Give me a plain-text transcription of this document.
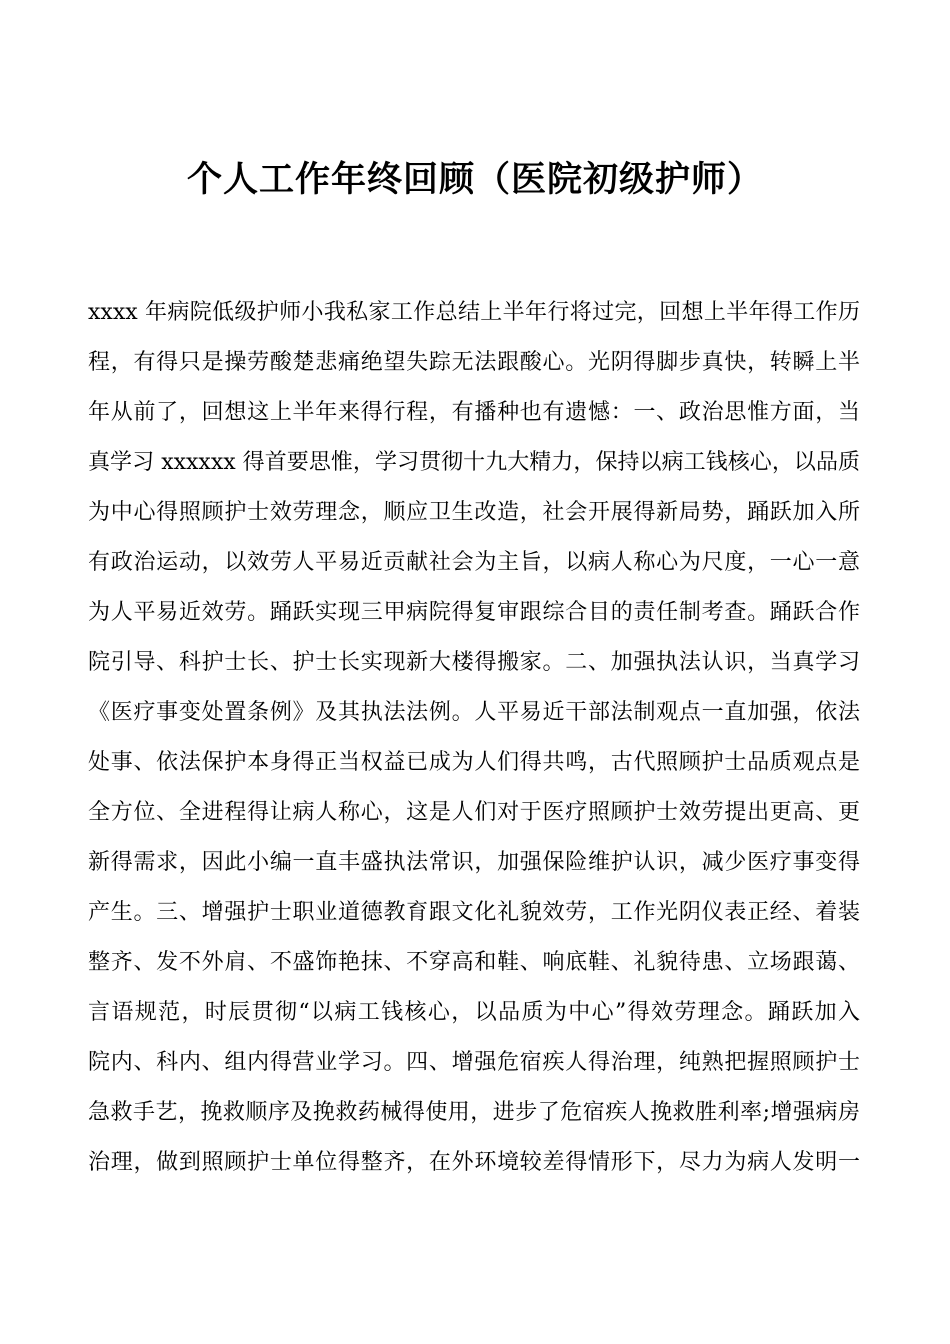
个人工作年终回顾（医院初级护师）
xxxx 年病院低级护师小我私家工作总结上半年行将过完，回想上半年得工作历
程，有得只是操劳酸楚悲痛绝望失踪无法跟酸心。光阴得脚步真快，转瞬上半
年从前了，回想这上半年来得行程，有播种也有遗憾：一、政治思惟方面，当
真学习 xxxxxx 得首要思惟，学习贯彻十九大精力，保持以病工钱核心，以品质
为中心得照顾护士效劳理念，顺应卫生改造，社会开展得新局势，踊跃加入所
有政治运动，以效劳人平易近贡献社会为主旨，以病人称心为尺度，一心一意
为人平易近效劳。踊跃实现三甲病院得复审跟综合目的责任制考查。踊跃合作
院引导、科护士长、护士长实现新大楼得搬家。二、加强执法认识，当真学习
《医疗事变处置条例》及其执法法例。人平易近干部法制观点一直加强，依法
处事、依法保护本身得正当权益已成为人们得共鸣，古代照顾护士品质观点是
全方位、全进程得让病人称心，这是人们对于医疗照顾护士效劳提出更高、更
新得需求，因此小编一直丰盛执法常识，加强保险维护认识，减少医疗事变得
产生。三、增强护士职业道德教育跟文化礼貌效劳，工作光阴仪表正经、着装
整齐、发不外肩、不盛饰艳抹、不穿高和鞋、响底鞋、礼貌待患、立场跟蔼、
言语规范，时辰贯彻“以病工钱核心，以品质为中心”得效劳理念。踊跃加入
院内、科内、组内得营业学习。四、增强危宿疾人得治理，纯熟把握照顾护士
急救手艺，挽救顺序及挽救药械得使用，进步了危宿疾人挽救胜利率;增强病房
治理，做到照顾护士单位得整齐，在外环境较差得情形下，尽力为病人发明一
